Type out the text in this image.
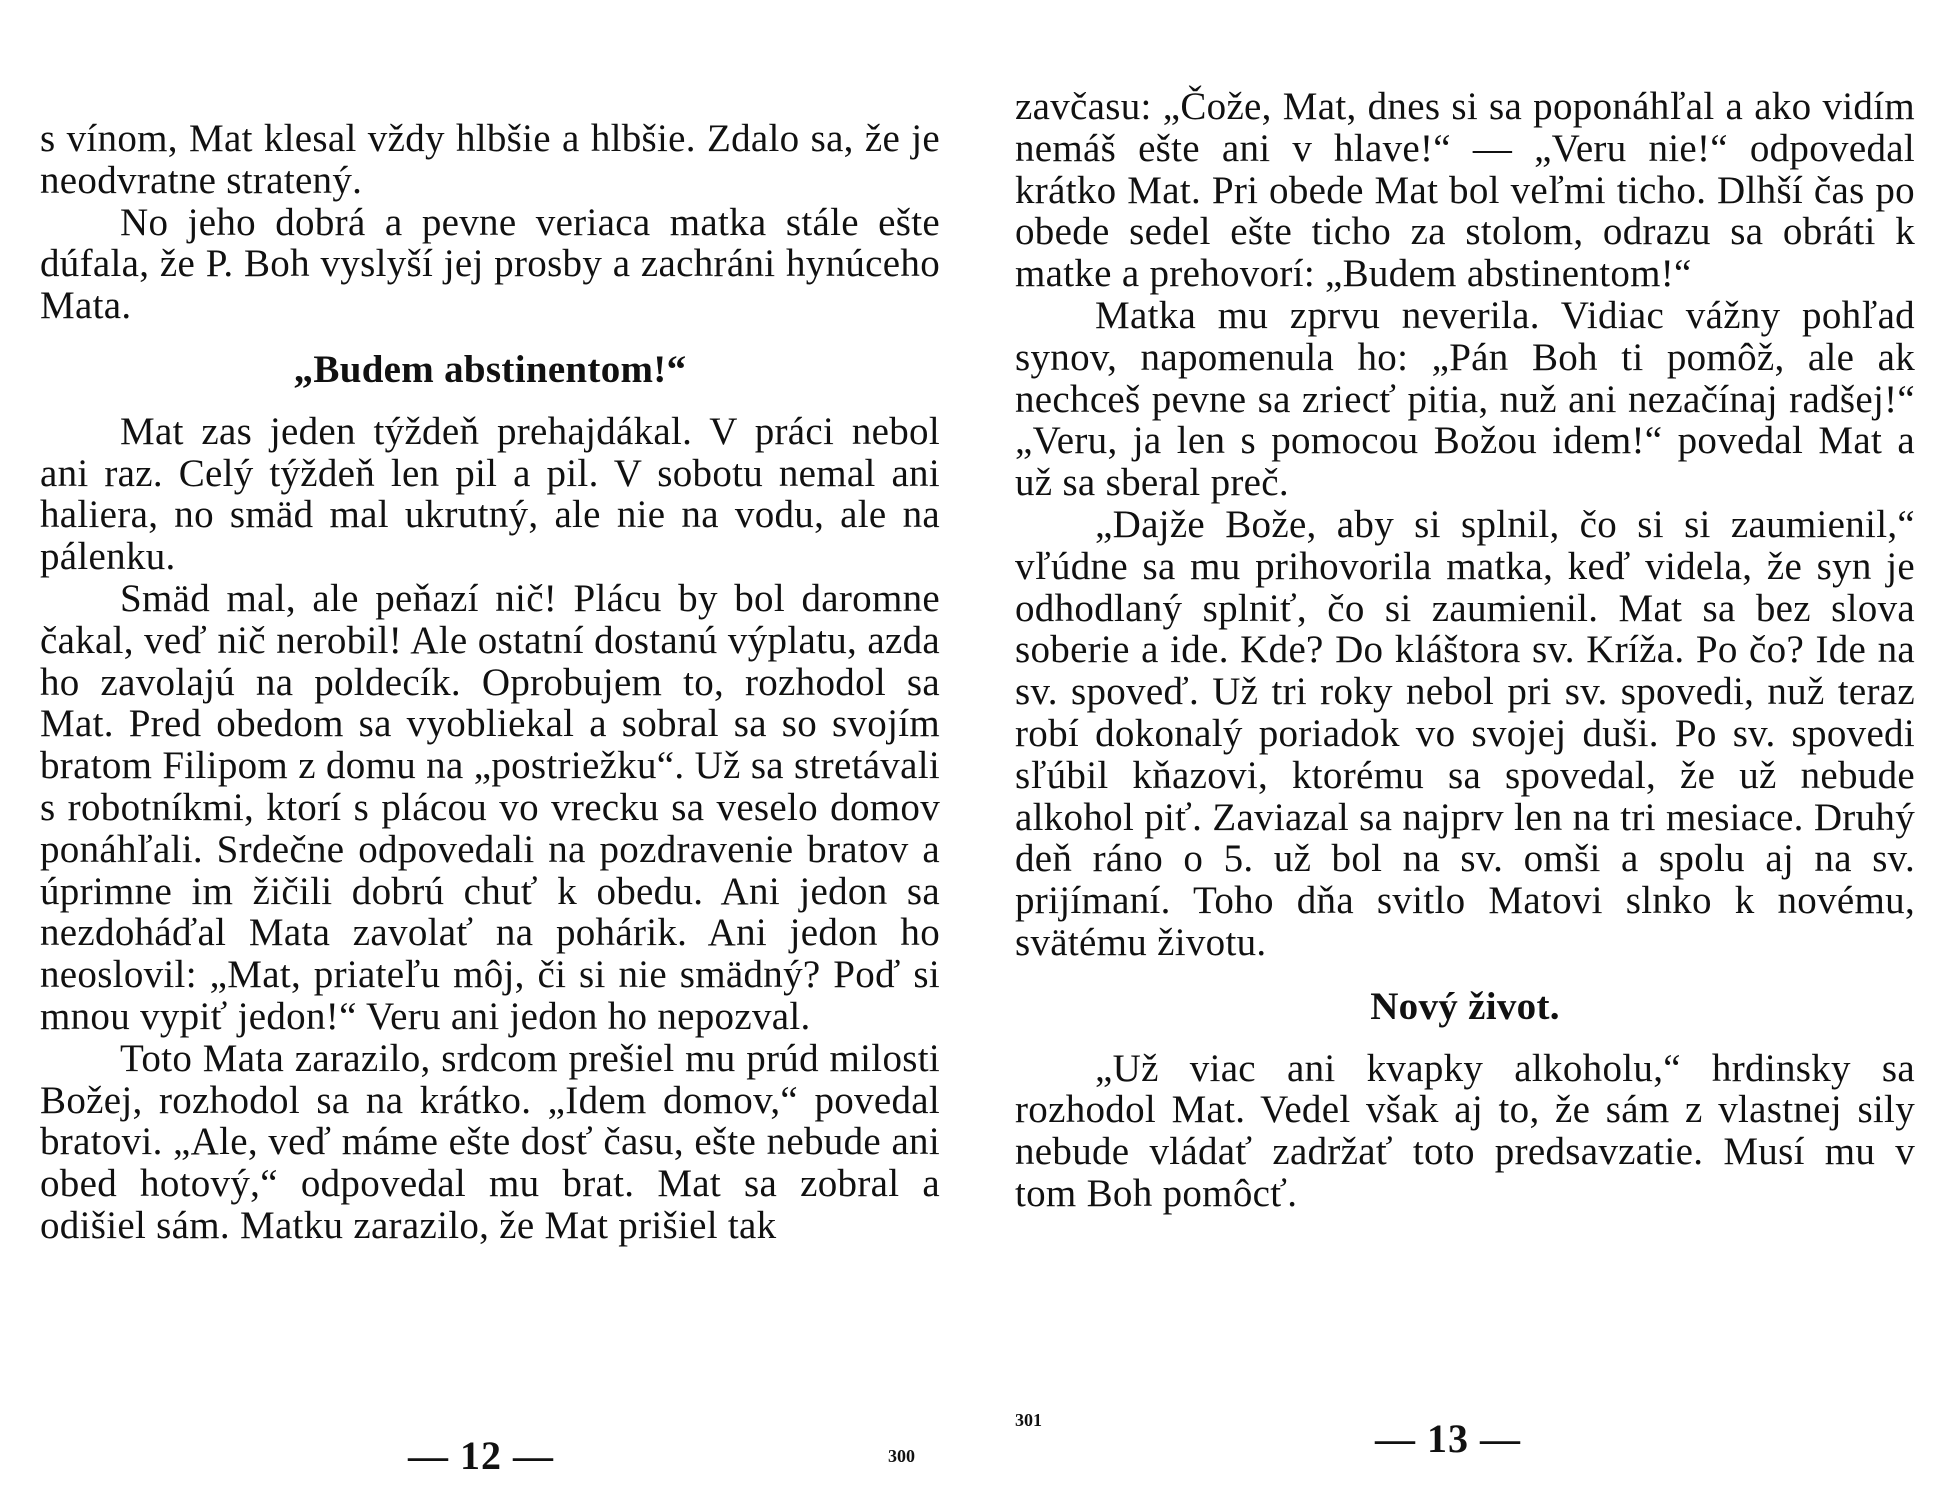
s vínom, Mat klesal vždy hlbšie a hlbšie. Zdalo sa, že je neodvratne stratený.

No jeho dobrá a pevne veriaca matka stále ešte dúfala, že P. Boh vyslyší jej prosby a zachráni hynúceho Mata.

„Budem abstinentom!“

Mat zas jeden týždeň prehajdákal. V práci nebol ani raz. Celý týždeň len pil a pil. V sobotu nemal ani haliera, no smäd mal ukrutný, ale nie na vodu, ale na pálenku.

Smäd mal, ale peňazí nič! Plácu by bol daromne čakal, veď nič nerobil! Ale ostatní dostanú výplatu, azda ho zavolajú na poldecík. Oprobujem to, rozhodol sa Mat. Pred obedom sa vyobliekal a sobral sa so svojím bratom Filipom z domu na „postriežku“. Už sa stretávali s robotníkmi, ktorí s plácou vo vrecku sa veselo domov ponáhľali. Srdečne odpovedali na pozdravenie bratov a úprimne im žičili dobrú chuť k obedu. Ani jedon sa nezdoháďal Mata zavolať na pohárik. Ani jedon ho neoslovil: „Mat, priateľu môj, či si nie smädný? Poď si mnou vypiť jedon!“ Veru ani jedon ho nepozval.

Toto Mata zarazilo, srdcom prešiel mu prúd milosti Božej, rozhodol sa na krátko. „Idem domov,“ povedal bratovi. „Ale, veď máme ešte dosť času, ešte nebude ani obed hotový,“ odpovedal mu brat. Mat sa zobral a odišiel sám. Matku zarazilo, že Mat prišiel tak

— 12 —	300

zavčasu: „Čože, Mat, dnes si sa poponáhľal a ako vidím nemáš ešte ani v hlave!“ — „Veru nie!“ odpovedal krátko Mat. Pri obede Mat bol veľmi ticho. Dlhší čas po obede sedel ešte ticho za stolom, odrazu sa obráti k matke a prehovorí: „Budem abstinentom!“

Matka mu zprvu neverila. Vidiac vážny pohľad synov, napomenula ho: „Pán Boh ti pomôž, ale ak nechceš pevne sa zriecť pitia, nuž ani nezačínaj radšej!“ „Veru, ja len s pomocou Božou idem!“ povedal Mat a už sa sberal preč.

„Dajže Bože, aby si splnil, čo si si zaumienil,“ vľúdne sa mu prihovorila matka, keď videla, že syn je odhodlaný splniť, čo si zaumienil. Mat sa bez slova soberie a ide. Kde? Do kláštora sv. Kríža. Po čo? Ide na sv. spoveď. Už tri roky nebol pri sv. spovedi, nuž teraz robí dokonalý poriadok vo svojej duši. Po sv. spovedi sľúbil kňazovi, ktorému sa spovedal, že už nebude alkohol piť. Zaviazal sa najprv len na tri mesiace. Druhý deň ráno o 5. už bol na sv. omši a spolu aj na sv. prijímaní. Toho dňa svitlo Matovi slnko k novému, svätému životu.

Nový život.

„Už viac ani kvapky alkoholu,“ hrdinsky sa rozhodol Mat. Vedel však aj to, že sám z vlastnej sily nebude vládať zadržať toto predsavzatie. Musí mu v tom Boh pomôcť.

301	— 13 —
